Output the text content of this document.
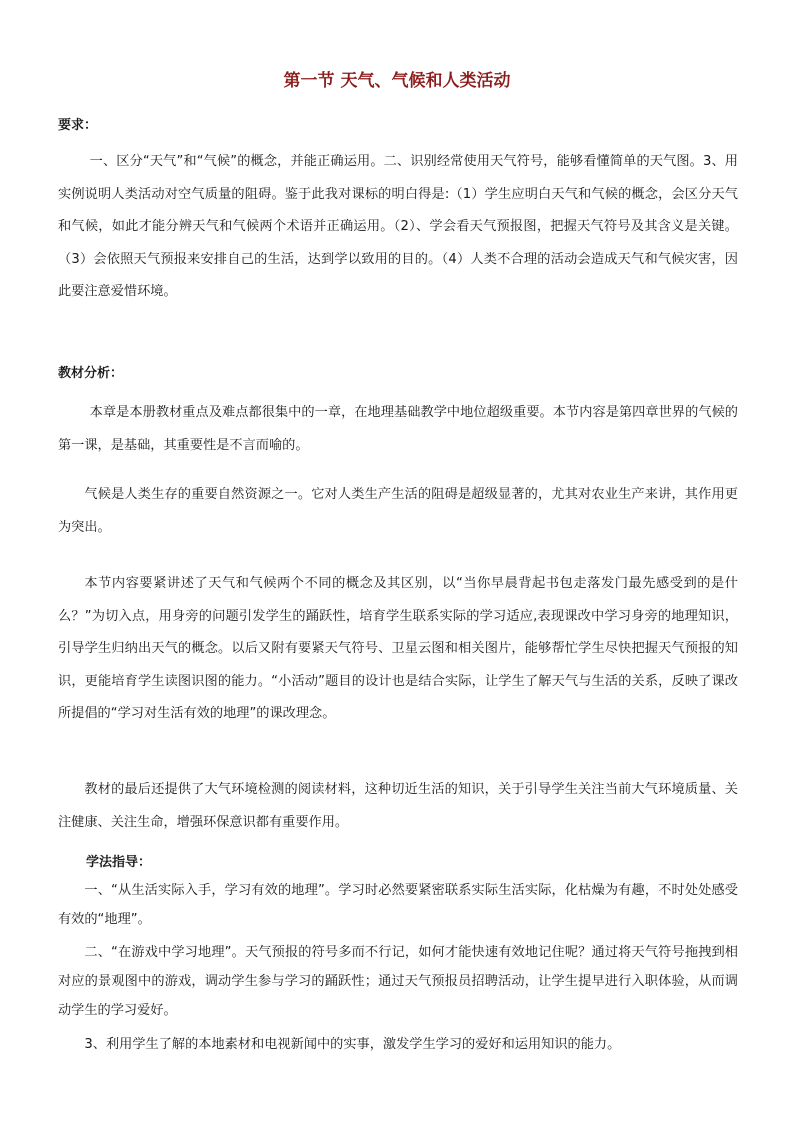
第一节 天气、气候和人类活动
要求：

一、区分“天气”和“气候”的概念，并能正确运用。二、识别经常使用天气符号，能够看懂简单的天气图。3、用实例说明人类活动对空气质量的阻碍。鉴于此我对课标的明白得是:（1）学生应明白天气和气候的概念，会区分天气和气候，如此才能分辨天气和气候两个术语并正确运用。（2）、学会看天气预报图，把握天气符号及其含义是关键。（3）会依照天气预报来安排自己的生活，达到学以致用的目的。（4）人类不合理的活动会造成天气和气候灾害，因此要注意爱惜环境。

教材分析：

本章是本册教材重点及难点都很集中的一章，在地理基础教学中地位超级重要。本节内容是第四章世界的气候的第一课，是基础，其重要性是不言而喻的。

气候是人类生存的重要自然资源之一。它对人类生产生活的阻碍是超级显著的，尤其对农业生产来讲，其作用更为突出。

本节内容要紧讲述了天气和气候两个不同的概念及其区别，以“当你早晨背起书包走落发门最先感受到的是什么？”为切入点，用身旁的问题引发学生的踊跃性，培育学生联系实际的学习适应,表现课改中学习身旁的地理知识，引导学生归纳出天气的概念。以后又附有要紧天气符号、卫星云图和相关图片，能够帮忙学生尽快把握天气预报的知识，更能培育学生读图识图的能力。“小活动”题目的设计也是结合实际，让学生了解天气与生活的关系，反映了课改所提倡的“学习对生活有效的地理”的课改理念。

教材的最后还提供了大气环境检测的阅读材料，这种切近生活的知识，关于引导学生关注当前大气环境质量、关注健康、关注生命，增强环保意识都有重要作用。

学法指导：

一、“从生活实际入手，学习有效的地理”。学习时必然要紧密联系实际生活实际，化枯燥为有趣，不时处处感受有效的“地理”。

二、“在游戏中学习地理”。天气预报的符号多而不行记，如何才能快速有效地记住呢？通过将天气符号拖拽到相对应的景观图中的游戏，调动学生参与学习的踊跃性；通过天气预报员招聘活动，让学生提早进行入职体验，从而调动学生的学习爱好。

3、利用学生了解的本地素材和电视新闻中的实事，激发学生学习的爱好和运用知识的能力。
